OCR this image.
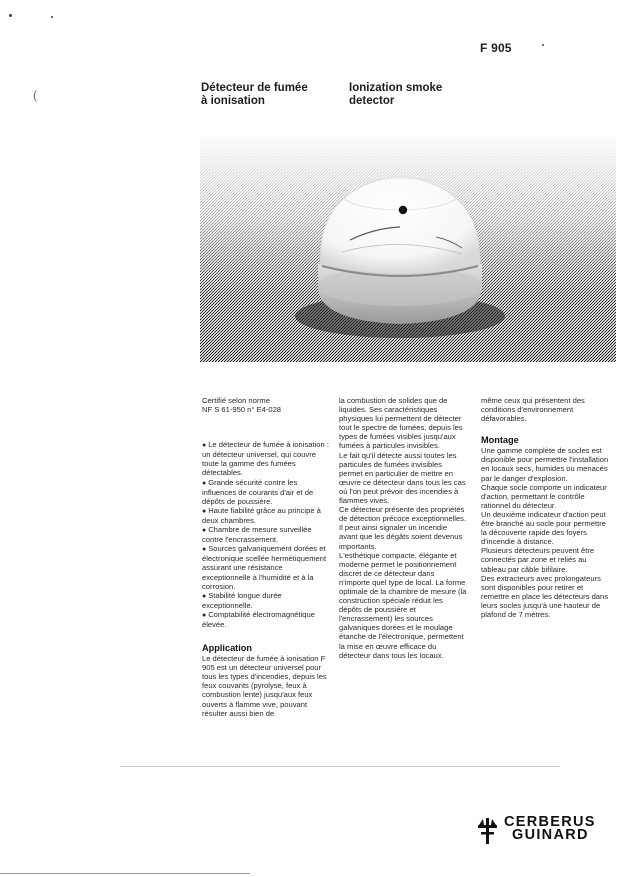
(
F 905
Détecteur de fumée
à ionisation
Ionization smoke
detector

Certifié selon norme

NF S 61-950 n° E4-028

● Le détecteur de fumée à ionisation : un détecteur universel, qui couvre toute la gamme des fumées détectables.

● Grande sécurité contre les influences de courants d'air et de dépôts de poussière.

● Haute fiabilité grâce au principe à deux chambres.

● Chambre de mesure surveillée contre l'encrassement.

● Sources galvaniquement dorées et électronique scellée hermétiquement assurant une résistance exceptionnelle à l'humidité et à la corrosion.

● Stabilité longue durée exceptionnelle.

● Comptabilité électromagnétique élevée.

Application

Le détecteur de fumée à ionisation F 905 est un détecteur universel pour tous les types d'incendies, depuis les feux couvants (pyrolyse, feux à combustion lente) jusqu'aux feux ouverts à flamme vive, pouvant résulter aussi bien de

la combustion de solides que de liquides. Ses caractéristiques physiques lui permettent de détecter tout le spectre de fumées, depuis les types de fumées visibles jusqu'aux fumées à particules invisibles.

Le fait qu'il détecte aussi toutes les particules de fumées invisibles permet en particulier de mettre en œuvre ce détecteur dans tous les cas où l'on peut prévoir des incendies à flammes vives.

Ce détecteur présente des propriétés de détection précoce exceptionnelles. Il peut ainsi signaler un incendie avant que les dégâts soient devenus importants.

L'esthétique compacte, élégante et moderne permet le positionnement discret de ce détecteur dans n'importe quel type de local. La forme optimale de la chambre de mesure (la construction spéciale réduit les dépôts de poussière et l'encrassement) les sources galvaniques dorées et le moulage étanche de l'électronique, permettent la mise en œuvre efficace du détecteur dans tous les locaux.

même ceux qui présentent des conditions d'environnement défavorables.

Montage

Une gamme complète de socles est disponible pour permettre l'installation en locaux secs, humides ou menacés par le danger d'explosion.

Chaque socle comporte un indicateur d'action, permettant le contrôle rationnel du détecteur.

Un deuxième indicateur d'action peut être branché au socle pour permettre la découverte rapide des foyers d'incendie à distance.

Plusieurs détecteurs peuvent être connectés par zone et reliés au tableau par câble bifilaire.

Des extracteurs avec prolongateurs sont disponibles pour retirer et remettre en place les détecteurs dans leurs socles jusqu'à une hauteur de plafond de 7 mètres.

CERBERUS
GUINARD
